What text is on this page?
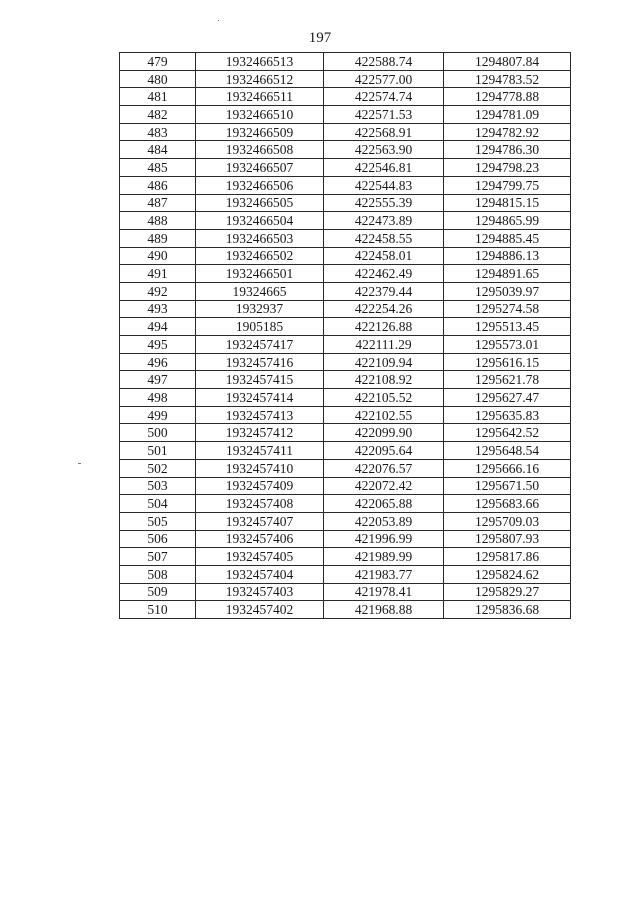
197
479	1932466513	422588.74	1294807.84
480	1932466512	422577.00	1294783.52
481	1932466511	422574.74	1294778.88
482	1932466510	422571.53	1294781.09
483	1932466509	422568.91	1294782.92
484	1932466508	422563.90	1294786.30
485	1932466507	422546.81	1294798.23
486	1932466506	422544.83	1294799.75
487	1932466505	422555.39	1294815.15
488	1932466504	422473.89	1294865.99
489	1932466503	422458.55	1294885.45
490	1932466502	422458.01	1294886.13
491	1932466501	422462.49	1294891.65
492	19324665	422379.44	1295039.97
493	1932937	422254.26	1295274.58
494	1905185	422126.88	1295513.45
495	1932457417	422111.29	1295573.01
496	1932457416	422109.94	1295616.15
497	1932457415	422108.92	1295621.78
498	1932457414	422105.52	1295627.47
499	1932457413	422102.55	1295635.83
500	1932457412	422099.90	1295642.52
501	1932457411	422095.64	1295648.54
502	1932457410	422076.57	1295666.16
503	1932457409	422072.42	1295671.50
504	1932457408	422065.88	1295683.66
505	1932457407	422053.89	1295709.03
506	1932457406	421996.99	1295807.93
507	1932457405	421989.99	1295817.86
508	1932457404	421983.77	1295824.62
509	1932457403	421978.41	1295829.27
510	1932457402	421968.88	1295836.68
